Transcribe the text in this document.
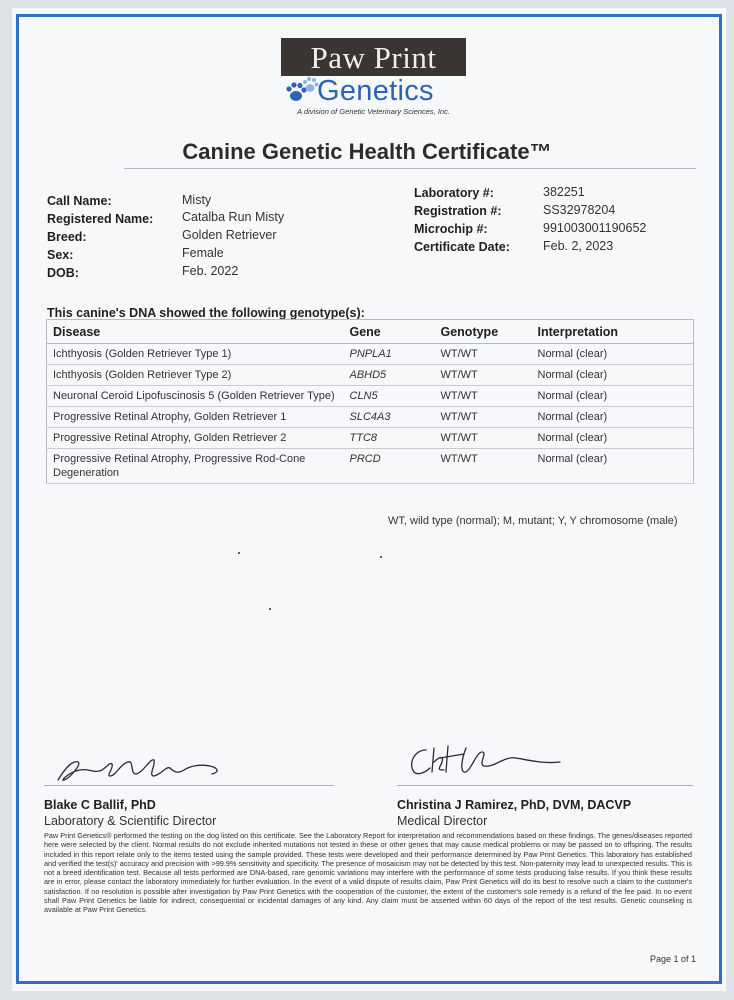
Paw Print
Genetics
A division of Genetic Veterinary Sciences, Inc.
Canine Genetic Health Certificate™
Call Name:	Misty
Registered Name: Catalba Run Misty
Breed:	Golden Retriever
Sex:	Female
DOB:	Feb. 2022
Laboratory #:	382251
Registration #:	SS32978204
Microchip #:	991003001190652
Certificate Date:	Feb. 2, 2023
This canine's DNA showed the following genotype(s):
Disease	Gene	Genotype	Interpretation
Ichthyosis (Golden Retriever Type 1)	PNPLA1	WT/WT	Normal (clear)
Ichthyosis (Golden Retriever Type 2)	ABHD5	WT/WT	Normal (clear)
Neuronal Ceroid Lipofuscinosis 5 (Golden Retriever Type)	CLN5	WT/WT	Normal (clear)
Progressive Retinal Atrophy, Golden Retriever 1	SLC4A3	WT/WT	Normal (clear)
Progressive Retinal Atrophy, Golden Retriever 2	TTC8	WT/WT	Normal (clear)
Progressive Retinal Atrophy, Progressive Rod-Cone Degeneration	PRCD	WT/WT	Normal (clear)
WT, wild type (normal); M, mutant; Y, Y chromosome (male)
Blake C Ballif, PhD
Laboratory & Scientific Director
Christina J Ramirez, PhD, DVM, DACVP
Medical Director
Paw Print Genetics® performed the testing on the dog listed on this certificate. See the Laboratory Report for interpretation and recommendations based on these findings. The genes/diseases reported here were selected by the client. Normal results do not exclude inherited mutations not tested in these or other genes that may cause medical problems or may be passed on to offspring. The results included in this report relate only to the items tested using the sample provided. These tests were developed and their performance determined by Paw Print Genetics. This laboratory has established and verified the test(s)' accuracy and precision with >99.9% sensitivity and specificity. The presence of mosaicism may not be detected by this test. Non-paternity may lead to unexpected results. This is not a breed identification test. Because all tests performed are DNA-based, rare genomic variations may interfere with the performance of some tests producing false results. If you think these results are in error, please contact the laboratory immediately for further evaluation. In the event of a valid dispute of results claim, Paw Print Genetics will do its best to resolve such a claim to the customer's satisfaction. If no resolution is possible after investigation by Paw Print Genetics with the cooperation of the customer, the extent of the customer's sole remedy is a refund of the fee paid. In no event shall Paw Print Genetics be liable for indirect, consequential or incidental damages of any kind. Any claim must be asserted within 60 days of the report of the test results. Genetic counseling is available at Paw Print Genetics.
Page 1 of 1
